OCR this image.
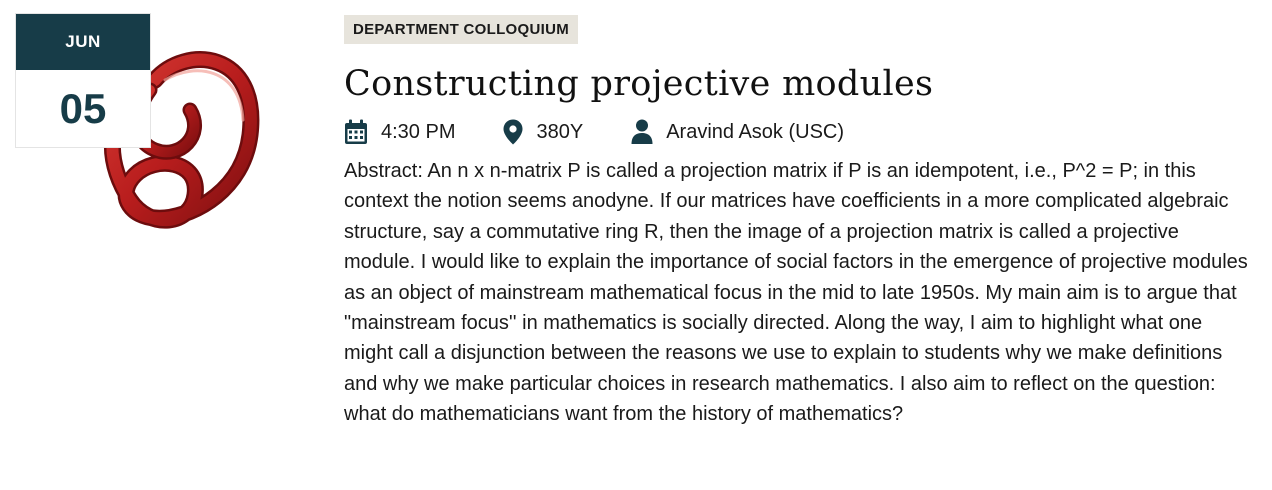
JUN
05
DEPARTMENT COLLOQUIUM
Constructing projective modules
4:30 PM	380Y	Aravind Asok (USC)

Abstract: An n x n-matrix P is called a projection matrix if P is an idempotent, i.e., P^2 = P; in this context the notion seems anodyne. If our matrices have coefficients in a more complicated algebraic structure, say a commutative ring R, then the image of a projection matrix is called a projective module. I would like to explain the importance of social factors in the emergence of projective modules as an object of mainstream mathematical focus in the mid to late 1950s. My main aim is to argue that "mainstream focus'' in mathematics is socially directed. Along the way, I aim to highlight what one might call a disjunction between the reasons we use to explain to students why we make definitions and why we make particular choices in research mathematics. I also aim to reflect on the question: what do mathematicians want from the history of mathematics?
